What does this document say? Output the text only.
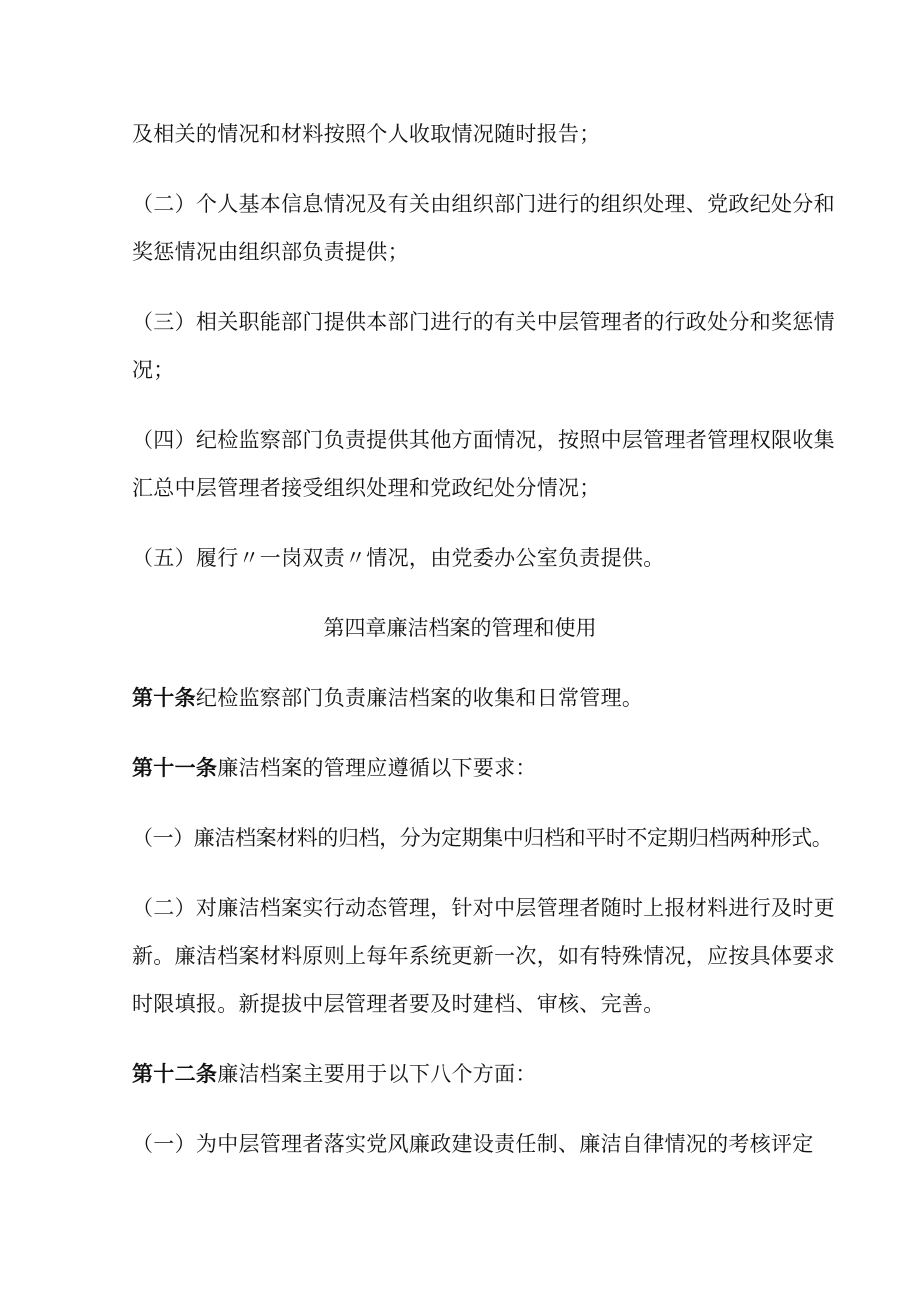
及相关的情况和材料按照个人收取情况随时报告；
（二）个人基本信息情况及有关由组织部门进行的组织处理、党政纪处分和
奖惩情况由组织部负责提供；
（三）相关职能部门提供本部门进行的有关中层管理者的行政处分和奖惩情
况；
（四）纪检监察部门负责提供其他方面情况，按照中层管理者管理权限收集
汇总中层管理者接受组织处理和党政纪处分情况；
（五）履行〃一岗双责〃情况，由党委办公室负责提供。
第四章廉洁档案的管理和使用
第十条纪检监察部门负责廉洁档案的收集和日常管理。
第十一条廉洁档案的管理应遵循以下要求：
（一）廉洁档案材料的归档，分为定期集中归档和平时不定期归档两种形式。
（二）对廉洁档案实行动态管理，针对中层管理者随时上报材料进行及时更
新。廉洁档案材料原则上每年系统更新一次，如有特殊情况，应按具体要求
时限填报。新提拔中层管理者要及时建档、审核、完善。
第十二条廉洁档案主要用于以下八个方面：
（一）为中层管理者落实党风廉政建设责任制、廉洁自律情况的考核评定
